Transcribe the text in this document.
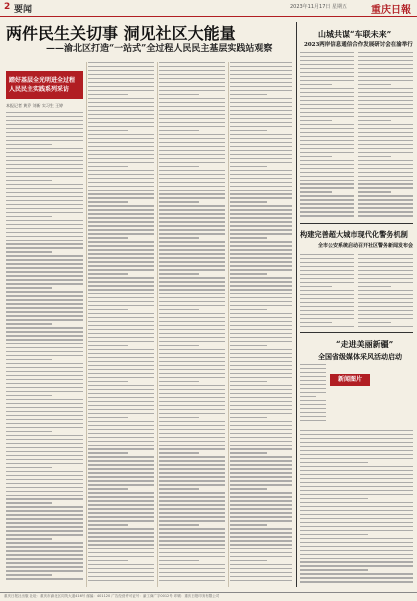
2 要闻	2023年11月17日 星期五 重庆日報
两件民生关切事 洞见社区大能量
——渝北区打造“一站式”全过程人民民主基层实践站观察
踏好基层全光明进全过程
人民民主实践系列采访
本报记者 黄乔 刘新 实习生 王婷
山城共谋“车联未来”
2023两岸信息通信合作发展研讨会在渝举行
构建完善超大城市现代化警务机制
全市公安系统启动召开社区警务新闻发布会
“走进美丽新疆”
全国省级媒体采风活动启动
新闻图片
重庆日报社出版 社址：重庆市渝北区同茂大道416号 邮编：401120 广告经营许可证号：渝工商广字0012号 印刷：重庆日报印务有限公司
